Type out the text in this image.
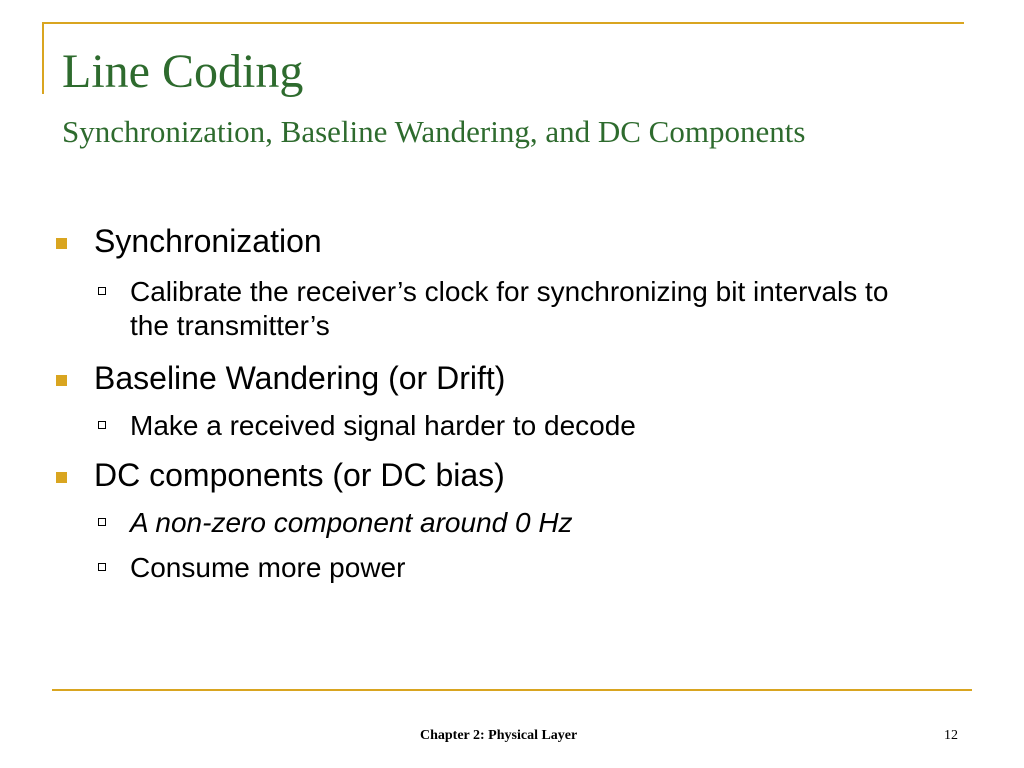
Line Coding
Synchronization, Baseline Wandering, and DC Components
Synchronization
Calibrate the receiver’s clock for synchronizing bit intervals to the transmitter’s
Baseline Wandering (or Drift)
Make a received signal harder to decode
DC components (or DC bias)
A non-zero component around 0 Hz
Consume more power
Chapter 2: Physical Layer	12
